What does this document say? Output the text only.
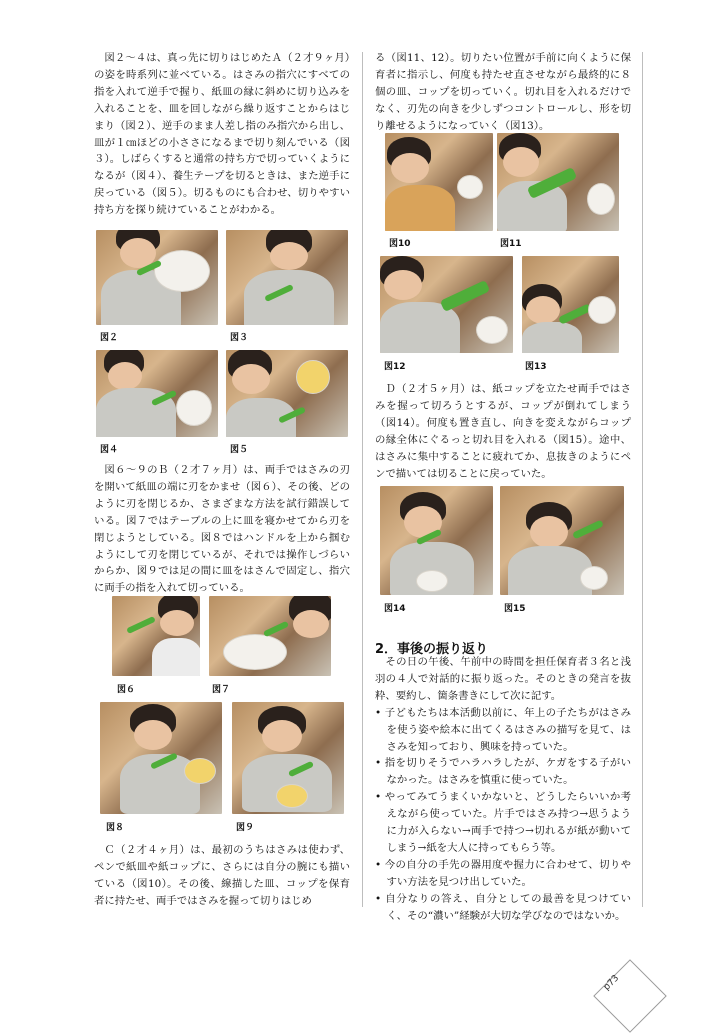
図２～４は、真っ先に切りはじめたＡ（２才９ヶ月）の姿を時系列に並べている。はさみの指穴にすべての指を入れて逆手で握り、紙皿の縁に斜めに切り込みを入れることを、皿を回しながら繰り返すことからはじまり（図２）、逆手のまま人差し指のみ指穴から出し、皿が１㎝ほどの小ささになるまで切り刻んでいる（図３）。しばらくすると通常の持ち方で切っていくようになるが（図４）、養生テープを切るときは、また逆手に戻っている（図５）。切るものにも合わせ、切りやすい持ち方を探り続けていることがわかる。

図２	図３
図４	図５

図６～９のＢ（２才７ヶ月）は、両手ではさみの刃を開いて紙皿の端に刃をかませ（図６）、その後、どのように刃を閉じるか、さまざまな方法を試行錯誤している。図７ではテーブルの上に皿を寝かせてから刃を閉じようとしている。図８ではハンドルを上から掴むようにして刃を閉じているが、それでは操作しづらいからか、図９では足の間に皿をはさんで固定し、指穴に両手の指を入れて切っている。

図６	図７
図８	図９

Ｃ（２才４ヶ月）は、最初のうちはさみは使わず、ペンで紙皿や紙コップに、さらには自分の腕にも描いている（図10）。その後、線描した皿、コップを保育者に持たせ、両手ではさみを握って切りはじめ

る（図11、12）。切りたい位置が手前に向くように保育者に指示し、何度も持たせ直させながら最終的に８個の皿、コップを切っていく。切れ目を入れるだけでなく、刃先の向きを少しずつコントロールし、形を切り離せるようになっていく（図13）。

図10	図11
図12	図13

Ｄ（２才５ヶ月）は、紙コップを立たせ両手ではさみを握って切ろうとするが、コップが倒れてしまう（図14）。何度も置き直し、向きを変えながらコップの縁全体にぐるっと切れ目を入れる（図15）。途中、はさみに集中することに疲れてか、息抜きのようにペンで描いては切ることに戻っていた。

図14	図15
2．事後の振り返り

その日の午後、午前中の時間を担任保育者３名と浅羽の４人で対話的に振り返った。そのときの発言を抜粋、要約し、箇条書きにして次に記す。

• 子どもたちは本活動以前に、年上の子たちがはさみを使う姿や絵本に出てくるはさみの描写を見て、はさみを知っており、興味を持っていた。
• 指を切りそうでハラハラしたが、ケガをする子がいなかった。はさみを慎重に使っていた。
• やってみてうまくいかないと、どうしたらいいか考えながら使っていた。片手ではさみ持つ→思うように力が入らない→両手で持つ→切れるが紙が動いてしまう→紙を大人に持ってもらう等。
• 今の自分の手先の器用度や握力に合わせて、切りやすい方法を見つけ出していた。
• 自分なりの答え、自分としての最善を見つけていく、その“濃い”経験が大切な学びなのではないか。
p73
